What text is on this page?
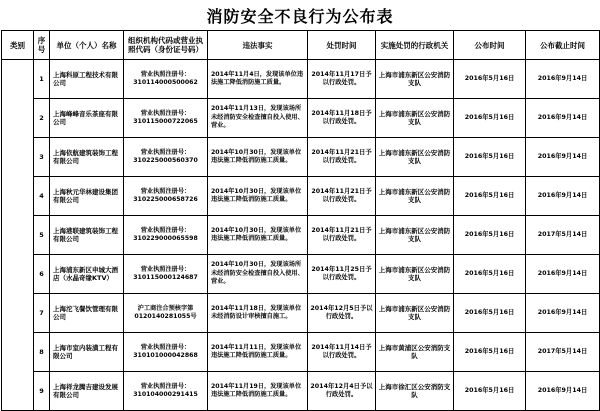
消防安全不良行为公布表
类别	序号	单位（个人）名称	组织机构代码或营业执照代码（身份证号码）	违法事实	处罚时间	实施处罚的行政机关	公布时间	公布截止时间
	1	上海科原工程技术有限公司	营业执照注册号：310114000500062	2014年11月4日，发现该单位违法施工降低消防施工质量。	2014年11月17日予以行政处罚。	上海市浦东新区公安消防支队	2016年5月16日	2016年9月14日
	2	上海峰峰音乐茶座有限公司	营业执照注册号：310115000722065	2014年11月13日，发现该场所未经消防安全检查擅自投入使用、营业。	2014年11月18日予以行政处罚。	上海市浦东新区公安消防支队	2016年5月16日	2016年9月14日
	3	上海依航建筑装饰工程有限公司	营业执照注册号：310225000560370	2014年10月30日，发现该单位违法施工降低消防施工质量。	2014年11月21日予以行政处罚。	上海市浦东新区公安消防支队	2016年5月16日	2016年9月14日
	4	上海秋元华林建设集团有限公司	营业执照注册号：310225000658726	2014年10月30日，发现该单位违法施工降低消防施工质量。	2014年11月21日予以行政处罚。	上海市浦东新区公安消防支队	2016年5月16日	2016年9月14日
	5	上海港联建筑装饰工程有限公司	营业执照注册号：310229000065598	2014年10月30日，发现该单位违法施工降低消防施工质量。	2014年11月21日予以行政处罚。	上海市浦东新区公安消防支队	2016年5月16日	2017年5月14日
	6	上海浦东新区申城大酒店（水晶奇缘KTV）	营业执照注册号：310115000124687	2014年10月30日，发现该场所未经消防安全检查擅自投入使用、营业。	2014年11月25日予以行政处罚。	上海市浦东新区公安消防支队	2016年5月16日	2016年9月14日
	7	上海沱飞餐饮管理有限公司	沪工商注合预核字第0120140281055号	2014年11月18日，发现该单位未经消防设计审核擅自施工。	2014年12月5日予以行政处罚。	上海市浦东新区公安消防支队	2016年5月16日	2016年9月14日
	8	上海市室内装潢工程有限公司	营业执照注册号：310101000042868	2014年11月11日，发现该单位违法施工降低消防施工质量。	2014年11月14日予以行政处罚。	上海市黄浦区公安消防支队	2016年5月16日	2017年5月14日
	9	上海祥龙腾吉建设发展有限公司	营业执照注册号：310104000291415	2014年11月19日，发现该单位违法施工降低消防施工质量。	2014年12月4日予以行政处罚。	上海市徐汇区公安消防支队	2016年5月16日	2016年9月14日
